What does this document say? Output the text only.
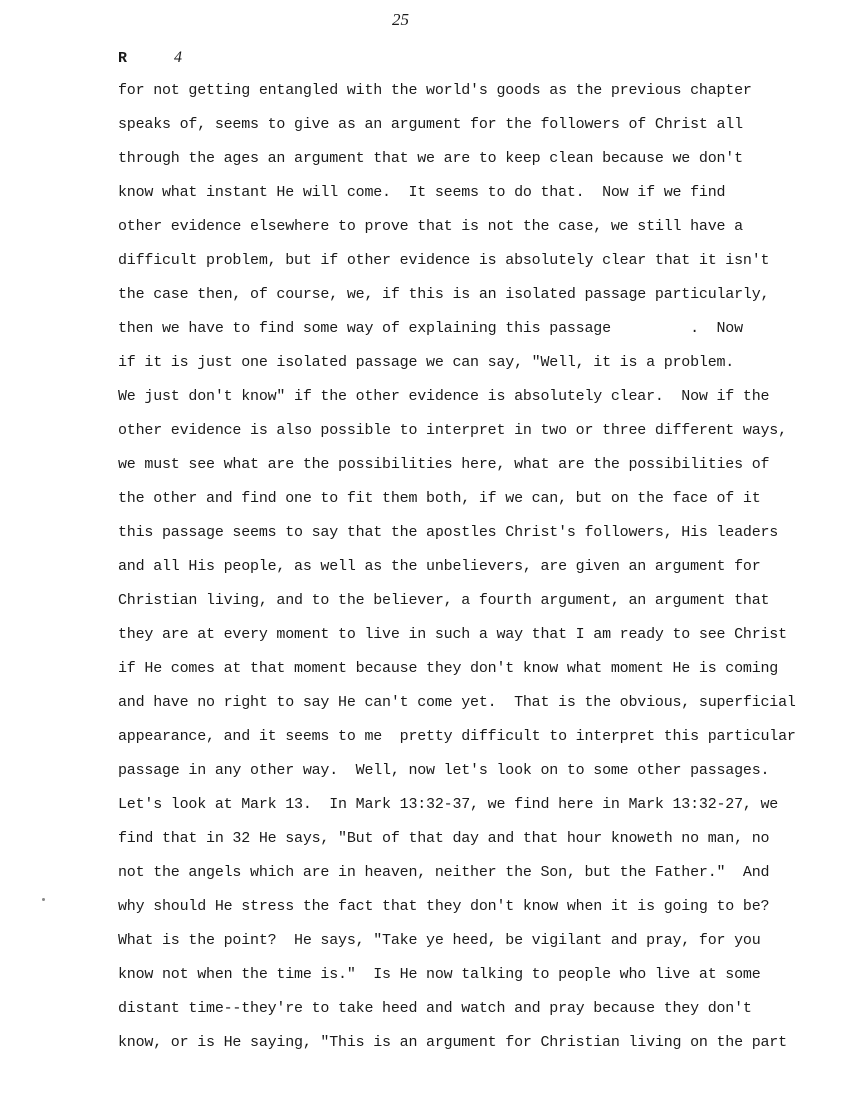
25
R	4
for not getting entangled with the world's goods as the previous chapter
speaks of, seems to give as an argument for the followers of Christ all
through the ages an argument that we are to keep clean because we don't
know what instant He will come.  It seems to do that.  Now if we find
other evidence elsewhere to prove that is not the case, we still have a
difficult problem, but if other evidence is absolutely clear that it isn't
the case then, of course, we, if this is an isolated passage particularly,
then we have to find some way of explaining this passage         .  Now
if it is just one isolated passage we can say, "Well, it is a problem.
We just don't know" if the other evidence is absolutely clear.  Now if the
other evidence is also possible to interpret in two or three different ways,
we must see what are the possibilities here, what are the possibilities of
the other and find one to fit them both, if we can, but on the face of it
this passage seems to say that the apostles Christ's followers, His leaders
and all His people, as well as the unbelievers, are given an argument for
Christian living, and to the believer, a fourth argument, an argument that
they are at every moment to live in such a way that I am ready to see Christ
if He comes at that moment because they don't know what moment He is coming
and have no right to say He can't come yet.  That is the obvious, superficial
appearance, and it seems to me  pretty difficult to interpret this particular
passage in any other way.  Well, now let's look on to some other passages.
Let's look at Mark 13.  In Mark 13:32-37, we find here in Mark 13:32-27, we
find that in 32 He says, "But of that day and that hour knoweth no man, no
not the angels which are in heaven, neither the Son, but the Father."  And
why should He stress the fact that they don't know when it is going to be?
What is the point?  He says, "Take ye heed, be vigilant and pray, for you
know not when the time is."  Is He now talking to people who live at some
distant time--they're to take heed and watch and pray because they don't
know, or is He saying, "This is an argument for Christian living on the part
